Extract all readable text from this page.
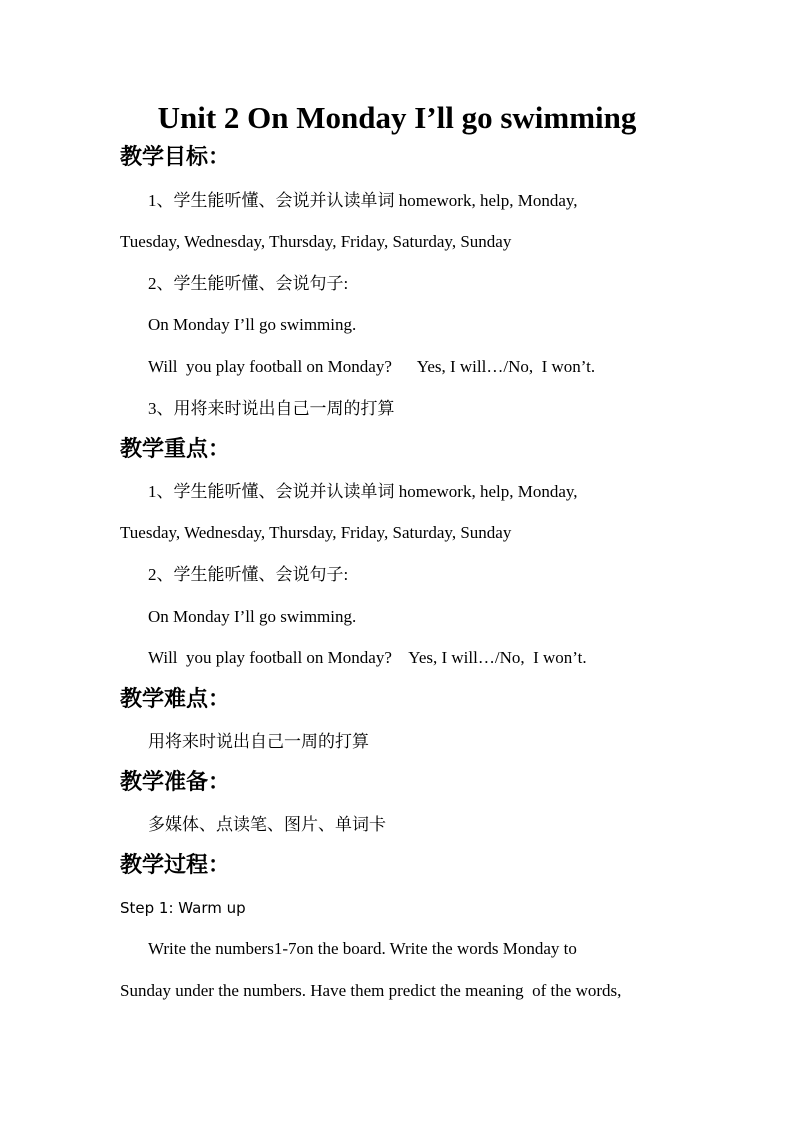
Unit 2 On Monday I’ll go swimming
教学目标：

1、学生能听懂、会说并认读单词 homework, help, Monday,

Tuesday, Wednesday, Thursday, Friday, Saturday, Sunday

2、学生能听懂、会说句子:

On Monday I’ll go swimming.

Will  you play football on Monday?      Yes, I will…/No,  I won’t.

3、用将来时说出自己一周的打算

教学重点：

1、学生能听懂、会说并认读单词 homework, help, Monday,

Tuesday, Wednesday, Thursday, Friday, Saturday, Sunday

2、学生能听懂、会说句子:

On Monday I’ll go swimming.

Will  you play football on Monday?    Yes, I will…/No,  I won’t.

教学难点：

用将来时说出自己一周的打算

教学准备：

多媒体、点读笔、图片、单词卡

教学过程：

Step 1: Warm up

Write the numbers1-7on the board. Write the words Monday to

Sunday under the numbers. Have them predict the meaning  of the words,
